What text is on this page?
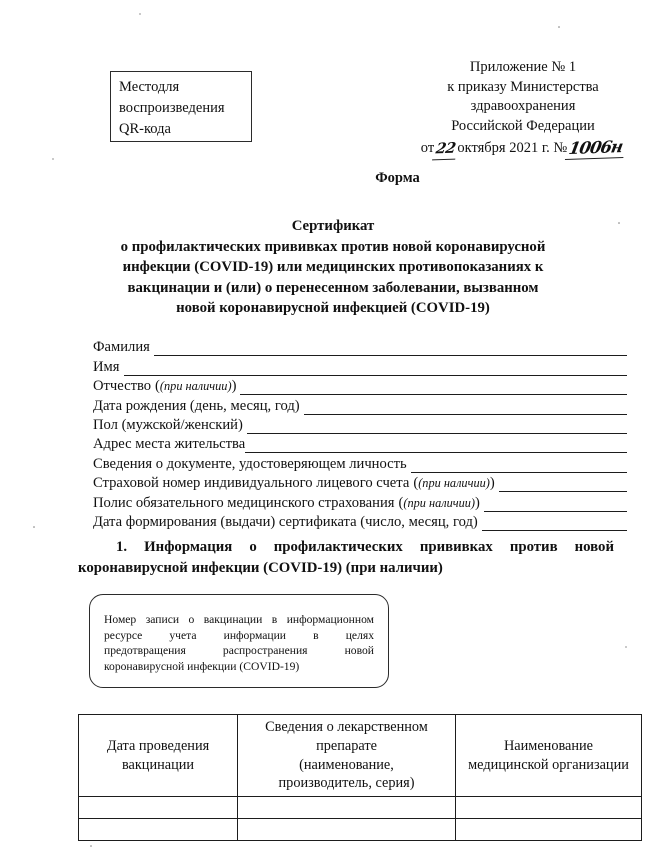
Местодля
воспроизведения
QR-кода
Приложение № 1
к приказу Министерства
здравоохранения
Российской Федерации
от22октября 2021 г. №1006н
Форма
Сертификат
о профилактических прививках против новой коронавирусной
инфекции (COVID-19) или медицинских противопоказаниях к
вакцинации и (или) о перенесенном заболевании, вызванном
новой коронавирусной инфекцией (COVID-19)
Фамилия
Имя
Отчество ((при наличии))
Дата рождения (день, месяц, год)
Пол (мужской/женский)
Адрес места жительства
Сведения о документе, удостоверяющем личность
Страховой номер индивидуального лицевого счета ((при наличии))
Полис обязательного медицинского страхования ((при наличии))
Дата формирования (выдачи) сертификата (число, месяц, год)
1. Информация о профилактических прививках против новой
коронавирусной инфекции (COVID-19) (при наличии)
Номер записи о вакцинации в информационном
ресурсе учета информации в целях
предотвращения распространения новой
коронавирусной инфекции (COVID-19)
Дата проведения
вакцинации	Сведения о лекарственном
препарате
(наименование,
производитель, серия)	Наименование
медицинской организации
